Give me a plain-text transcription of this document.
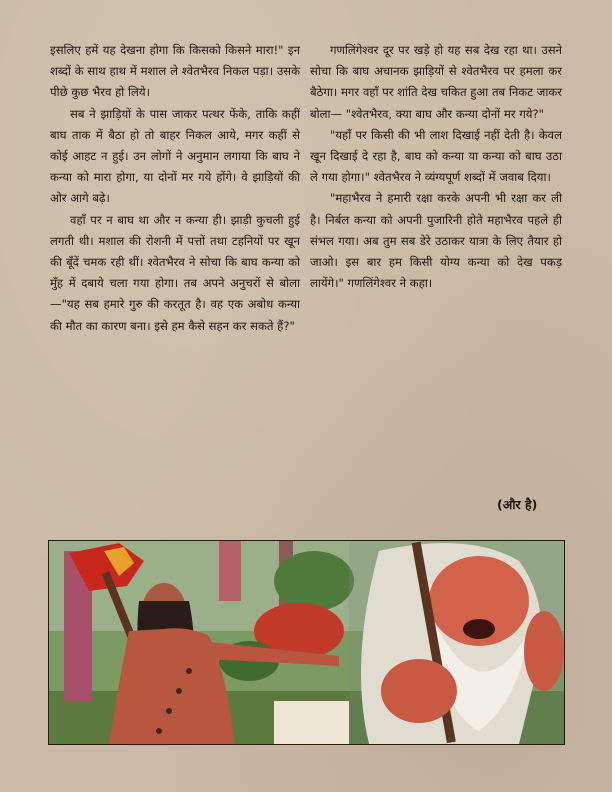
इसलिए हमें यह देखना होगा कि किसको किसने मारा!" इन शब्दों के साथ हाथ में मशाल ले श्वेतभैरव निकल पड़ा। उसके पीछे कुछ भैरव हो लिये।

सब ने झाड़ियों के पास जाकर पत्थर फेंके, ताकि कहीं बाघ ताक में बैठा हो तो बाहर निकल आये, मगर कहीं से कोई आहट न हुई। उन लोगों ने अनुमान लगाया कि बाघ ने कन्या को मारा होगा, या दोनों मर गये होंगे। वे झाड़ियों की ओर आगे बढ़े।

वहाँ पर न बाघ था और न कन्या ही। झाड़ी कुचली हुई लगती थी। मशाल की रोशनी में पत्तों तथा टहनियों पर खून की बूँदें चमक रही थीं। श्वेतभैरव ने सोचा कि बाघ कन्या को मुँह में दबाये चला गया होगा। तब अपने अनुचरों से बोला—"यह सब हमारे गुरु की करतूत है। वह एक अबोध कन्या की मौत का कारण बना। इसे हम कैसे सहन कर सकते हैं?"

गणलिंगेश्वर दूर पर खड़े हो यह सब देख रहा था। उसने सोचा कि बाघ अचानक झाड़ियों से श्वेतभैरव पर हमला कर बैठेगा। मगर वहाँ पर शांति देख चकित हुआ तब निकट जाकर बोला— "श्वेतभैरव, क्या बाघ और कन्या दोनों मर गये?"

"यहाँ पर किसी की भी लाश दिखाई नहीं देती है। केवल खून दिखाई दे रहा है, बाघ को कन्या या कन्या को बाघ उठा ले गया होगा।" श्वेतभैरव ने व्यंग्यपूर्ण शब्दों में जवाब दिया।

"महाभैरव ने हमारी रक्षा करके अपनी भी रक्षा कर ली है। निर्बल कन्या को अपनी पुजारिनी होते महाभैरव पहले ही संभल गया। अब तुम सब डेरे उठाकर यात्रा के लिए तैयार हो जाओ। इस बार हम किसी योग्य कन्या को देख पकड़ लायेंगे।" गणलिंगेश्वर ने कहा।

(और है)
